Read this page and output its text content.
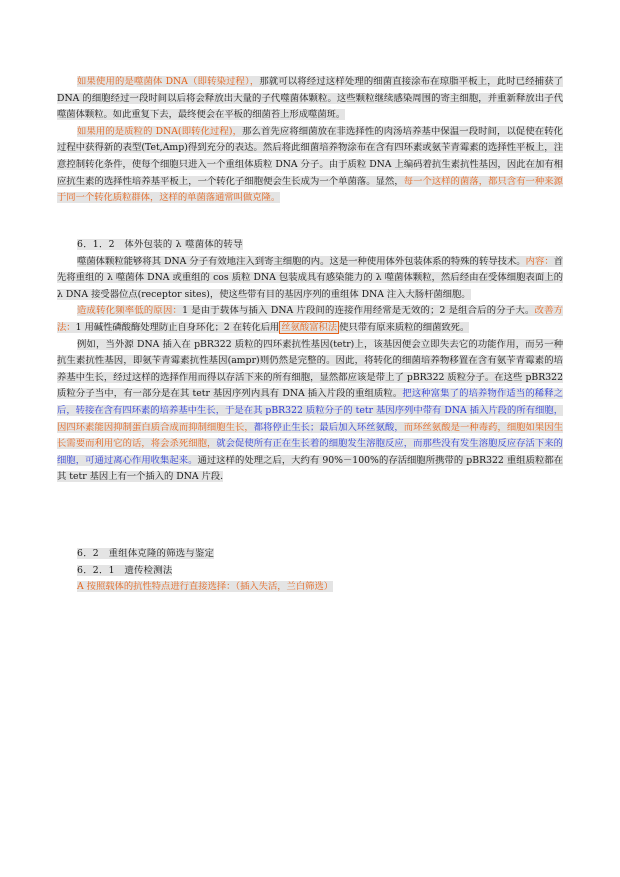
如果使用的是噬菌体 DNA（即转染过程），那就可以将经过这样处理的细菌直接涂布在琼脂平板上，此时已经捕获了 DNA 的细胞经过一段时间以后将会释放出大量的子代噬菌体颗粒。这些颗粒继续感染周围的寄主细胞，并重新释放出子代噬菌体颗粒。如此重复下去，最终便会在平板的细菌苔上形成噬菌斑。

如果用的是质粒的 DNA(即转化过程)，那么首先应将细菌放在非选择性的肉汤培养基中保温一段时间，以促使在转化过程中获得新的表型(Tet,Amp)得到充分的表达。然后将此细菌培养物涂布在含有四环素或氨苄青霉素的选择性平板上，注意控制转化条件，使每个细胞只进入一个重组体质粒 DNA 分子。由于质粒 DNA 上编码着抗生素抗性基因，因此在加有相应抗生素的选择性培养基平板上，一个转化子细胞便会生长成为一个单菌落。显然，每一个这样的菌落，都只含有一种来源于同一个转化质粒群体，这样的单菌落通常叫做克隆。

6．1．2　体外包装的 λ 噬菌体的转导

噬菌体颗粒能够将其 DNA 分子有效地注入到寄主细胞的内。这是一种使用体外包装体系的特殊的转导技术。内容：首先将重组的 λ 噬菌体 DNA 或重组的 cos 质粒 DNA 包装成具有感染能力的 λ 噬菌体颗粒，然后经由在受体细胞表面上的 λ DNA 接受器位点(receptor sites)，使这些带有目的基因序列的重组体 DNA 注入大肠杆菌细胞。

造成转化频率低的原因：1 是由于载体与插入 DNA 片段间的连接作用经常是无效的；2 是组合后的分子大。改善方法：1 用碱性磷酸酶处理防止自身环化；2 在转化后用 丝氨酸富积法 使只带有原来质粒的细菌致死。

例如，当外源 DNA 插入在 pBR322 质粒的四环素抗性基因(tetr)上，该基因便会立即失去它的功能作用，而另一种抗生素抗性基因，即氨苄青霉素抗性基因(ampr)则仍然是完整的。因此，将转化的细菌培养物移置在含有氨苄青霉素的培养基中生长，经过这样的选择作用而得以存活下来的所有细胞，显然都应该是带上了 pBR322 质粒分子。在这些 pBR322 质粒分子当中，有一部分是在其 tetr 基因序列内具有 DNA 插入片段的重组质粒。把这种富集了的培养物作适当的稀释之后，转接在含有四环素的培养基中生长，于是在其 pBR322 质粒分子的 tetr 基因序列中带有 DNA 插入片段的所有细胞，因四环素能因抑制蛋白质合成而抑制细胞生长，都将停止生长；最后加入环丝氨酸，而环丝氨酸是一种毒药，细胞如果因生长需要而利用它的话，将会杀死细胞，就会促使所有正在生长着的细胞发生溶胞反应，而那些没有发生溶胞反应存活下来的细胞，可通过离心作用收集起来。通过这样的处理之后，大约有 90%－100%的存活细胞所携带的 pBR322 重组质粒都在其 tetr 基因上有一个插入的 DNA 片段.

6．2　重组体克隆的筛选与鉴定

6．2．1　遗传检测法

A 按照载体的抗性特点进行直接选择：（插入失活，兰白筛选）
